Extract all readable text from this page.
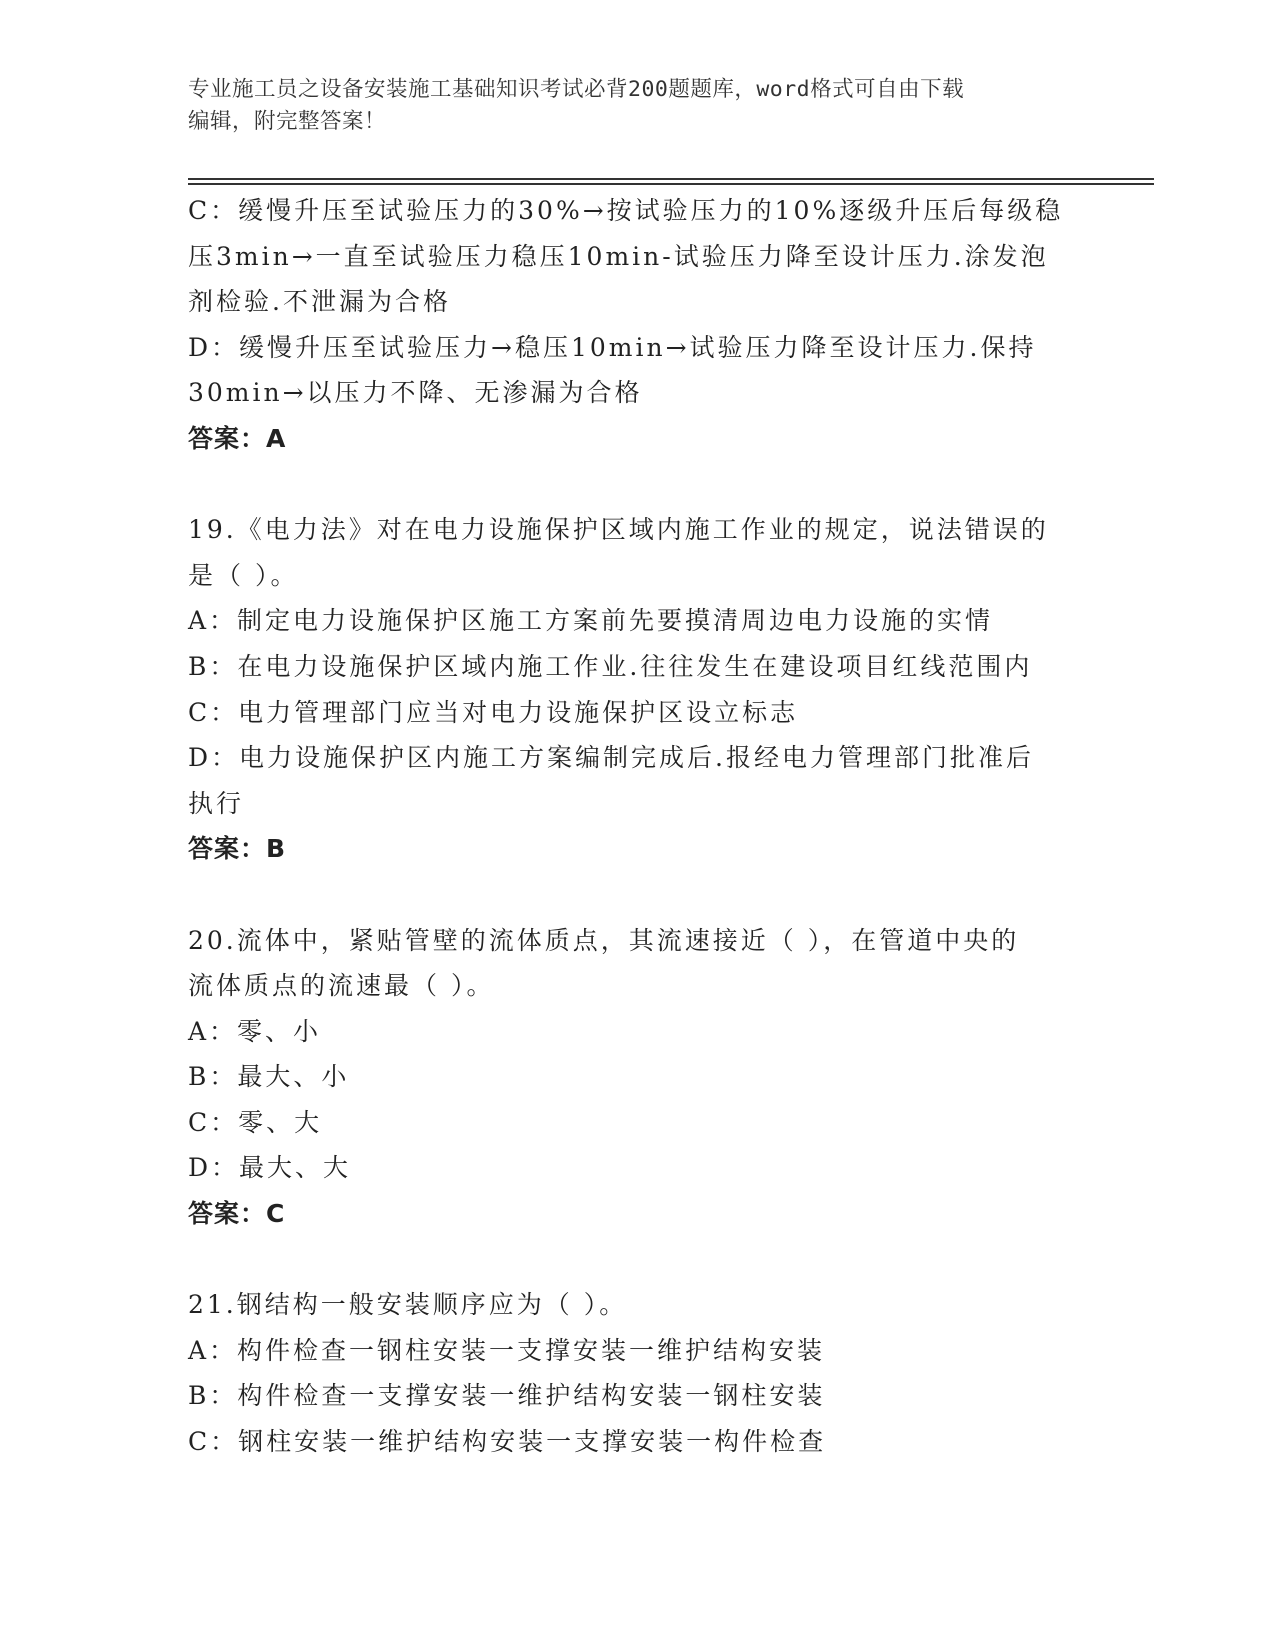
专业施工员之设备安装施工基础知识考试必背200题题库，word格式可自由下载
编辑，附完整答案！
C：缓慢升压至试验压力的30%→按试验压力的10%逐级升压后每级稳
压3min→一直至试验压力稳压10min-试验压力降至设计压力.涂发泡
剂检验.不泄漏为合格
D：缓慢升压至试验压力→稳压10min→试验压力降至设计压力.保持
30min→以压力不降、无渗漏为合格
答案：A
19.《电力法》对在电力设施保护区域内施工作业的规定，说法错误的
是（ ）。
A：制定电力设施保护区施工方案前先要摸清周边电力设施的实情
B：在电力设施保护区域内施工作业.往往发生在建设项目红线范围内
C：电力管理部门应当对电力设施保护区设立标志
D：电力设施保护区内施工方案编制完成后.报经电力管理部门批准后
执行
答案：B
20.流体中，紧贴管壁的流体质点，其流速接近（ ），在管道中央的
流体质点的流速最（ ）。
A：零、小
B：最大、小
C：零、大
D：最大、大
答案：C
21.钢结构一般安装顺序应为（ ）。
A：构件检查一钢柱安装一支撑安装一维护结构安装
B：构件检查一支撑安装一维护结构安装一钢柱安装
C：钢柱安装一维护结构安装一支撑安装一构件检查
